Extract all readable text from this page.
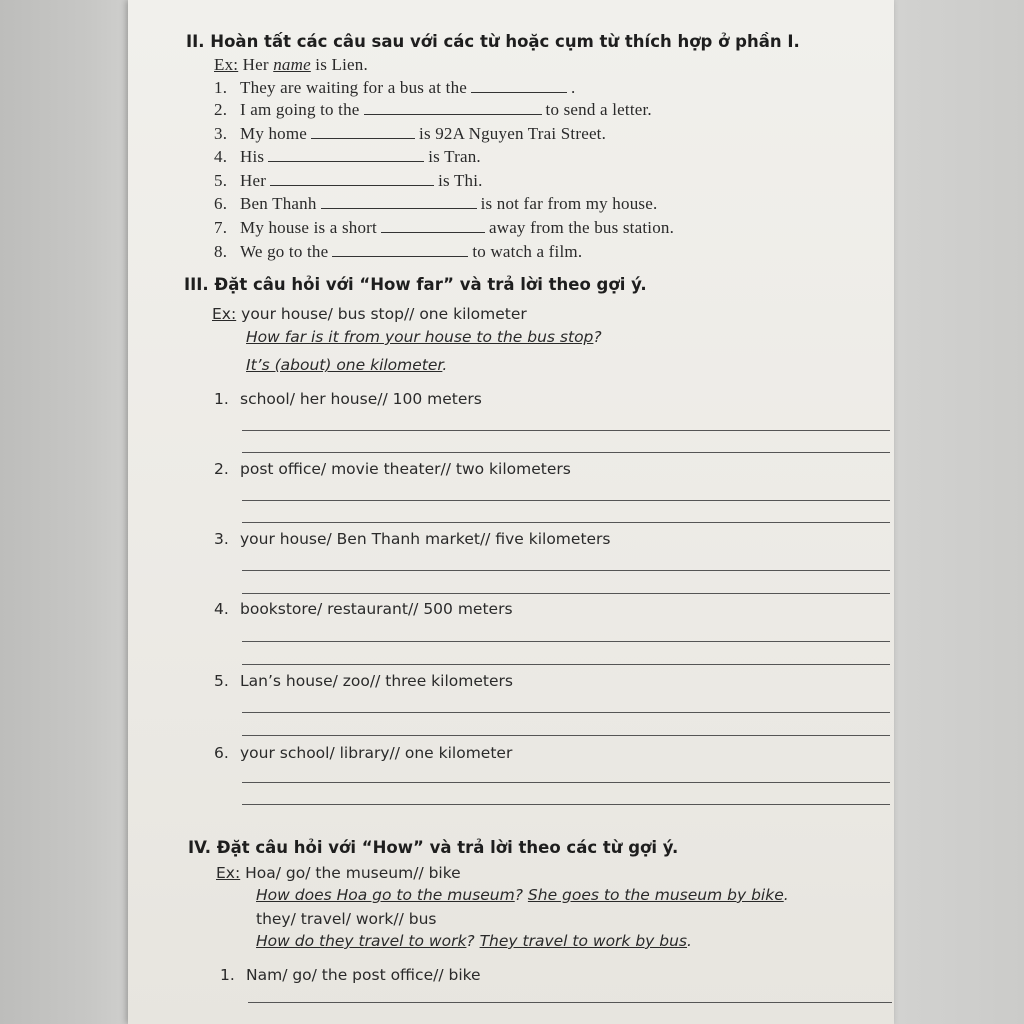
II. Hoàn tất các câu sau với các từ hoặc cụm từ thích hợp ở phần I.
Ex: Her name is Lien.
1. They are waiting for a bus at the	.
2. I am going to the	to send a letter.
3. My home	is 92A Nguyen Trai Street.
4. His	is Tran.
5. Her	is Thi.
6. Ben Thanh	is not far from my house.
7. My house is a short	away from the bus station.
8. We go to the	to watch a film.
III. Đặt câu hỏi với “How far” và trả lời theo gợi ý.
Ex: your house/ bus stop// one kilometer
How far is it from your house to the bus stop?
It’s (about) one kilometer.
1. school/ her house// 100 meters
2. post office/ movie theater// two kilometers
3. your house/ Ben Thanh market// five kilometers
4. bookstore/ restaurant// 500 meters
5. Lan’s house/ zoo// three kilometers
6. your school/ library// one kilometer
IV. Đặt câu hỏi với “How” và trả lời theo các từ gợi ý.
Ex: Hoa/ go/ the museum// bike
How does Hoa go to the museum? She goes to the museum by bike.
they/ travel/ work// bus
How do they travel to work? They travel to work by bus.
1. Nam/ go/ the post office// bike
